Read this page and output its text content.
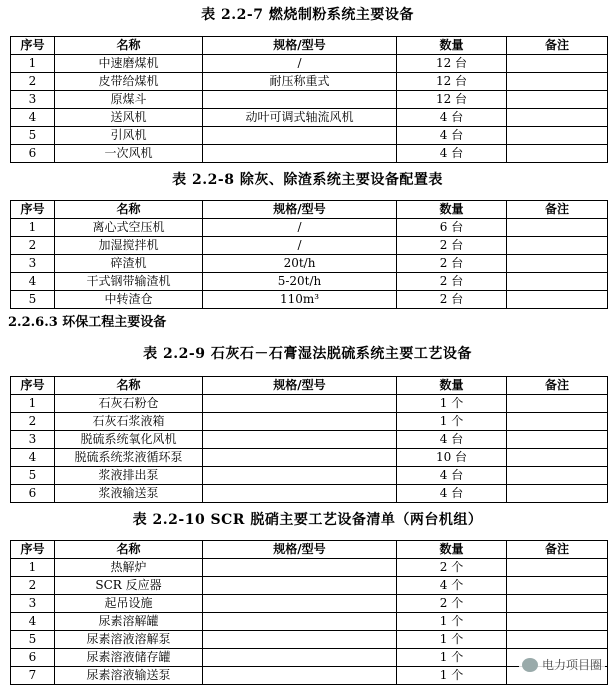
表 2.2-7 燃烧制粉系统主要设备
序号	名称	规格/型号	数量	备注
1	中速磨煤机	/	12 台	
2	皮带给煤机	耐压称重式	12 台	
3	原煤斗		12 台	
4	送风机	动叶可调式轴流风机	4 台	
5	引风机		4 台	
6	一次风机		4 台	
表 2.2-8 除灰、除渣系统主要设备配置表
序号	名称	规格/型号	数量	备注
1	离心式空压机	/	6 台	
2	加湿搅拌机	/	2 台	
3	碎渣机	20t/h	2 台	
4	干式钢带输渣机	5-20t/h	2 台	
5	中转渣仓	110m³	2 台	
2.2.6.3 环保工程主要设备
表 2.2-9 石灰石－石膏湿法脱硫系统主要工艺设备
序号	名称	规格/型号	数量	备注
1	石灰石粉仓		1 个	
2	石灰石浆液箱		1 个	
3	脱硫系统氧化风机		4 台	
4	脱硫系统浆液循环泵		10 台	
5	浆液排出泵		4 台	
6	浆液输送泵		4 台	
表 2.2-10 SCR 脱硝主要工艺设备清单（两台机组）
序号	名称	规格/型号	数量	备注
1	热解炉		2 个	
2	SCR 反应器		4 个	
3	起吊设施		2 个	
4	尿素溶解罐		1 个	
5	尿素溶液溶解泵		1 个	
6	尿素溶液储存罐		1 个	
7	尿素溶液输送泵		1 个	
电力项目圈
